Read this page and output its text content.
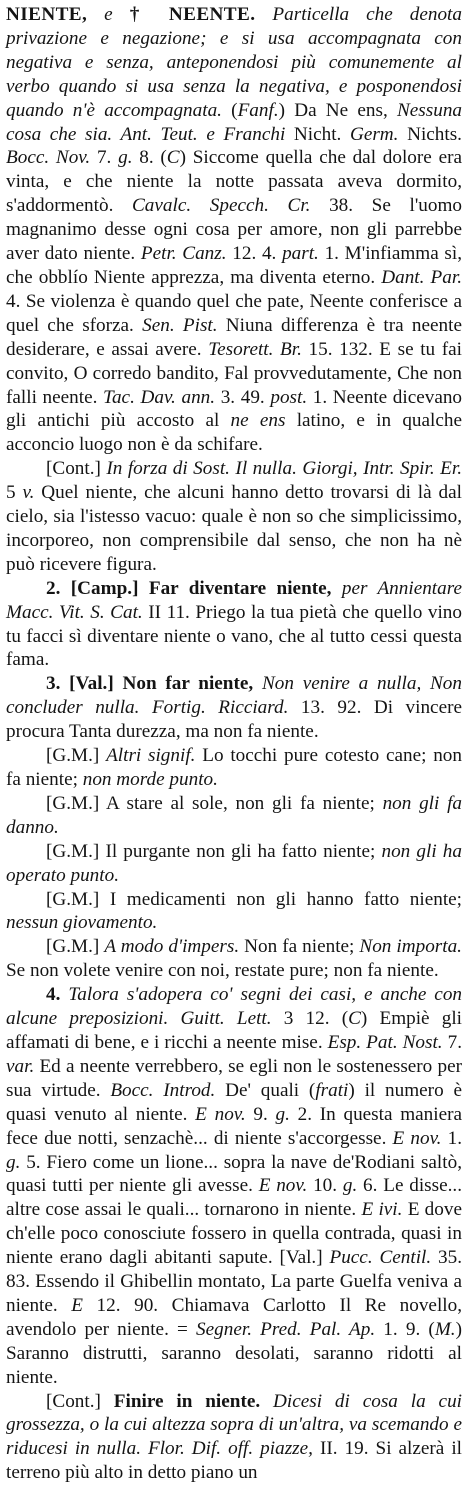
NIENTE, e † NEENTE. Particella che denota privazione e negazione; e si usa accompagnata con negativa e senza, anteponendosi più comunemente al verbo quando si usa senza la negativa, e posponendosi quando n'è accompagnata. (Fanf.) Da Ne ens, Nessuna cosa che sia. Ant. Teut. e Franchi Nicht. Germ. Nichts. Bocc. Nov. 7. g. 8. (C) Siccome quella che dal dolore era vinta, e che niente la notte passata aveva dormito, s'addormentò. Cavalc. Specch. Cr. 38. Se l'uomo magnanimo desse ogni cosa per amore, non gli parrebbe aver dato niente. Petr. Canz. 12. 4. part. 1. M'infiamma sì, che obblío Niente apprezza, ma diventa eterno. Dant. Par. 4. Se violenza è quando quel che pate, Neente conferisce a quel che sforza. Sen. Pist. Niuna differenza è tra neente desiderare, e assai avere. Tesorett. Br. 15. 132. E se tu fai convito, O corredo bandito, Fal provvedutamente, Che non falli neente. Tac. Dav. ann. 3. 49. post. 1. Neente dicevano gli antichi più accosto al ne ens latino, e in qualche acconcio luogo non è da schifare.

[Cont.] In forza di Sost. Il nulla. Giorgi, Intr. Spir. Er. 5 v. Quel niente, che alcuni hanno detto trovarsi di là dal cielo, sia l'istesso vacuo: quale è non so che simplicissimo, incorporeo, non comprensibile dal senso, che non ha nè può ricevere figura.

2. [Camp.] Far diventare niente, per Annientare Macc. Vit. S. Cat. II 11. Priego la tua pietà che quello vino tu facci sì diventare niente o vano, che al tutto cessi questa fama.

3. [Val.] Non far niente, Non venire a nulla, Non concluder nulla. Fortig. Ricciard. 13. 92. Di vincere procura Tanta durezza, ma non fa niente.

[G.M.] Altri signif. Lo tocchi pure cotesto cane; non fa niente; non morde punto.

[G.M.] A stare al sole, non gli fa niente; non gli fa danno.

[G.M.] Il purgante non gli ha fatto niente; non gli ha operato punto.

[G.M.] I medicamenti non gli hanno fatto niente; nessun giovamento.

[G.M.] A modo d'impers. Non fa niente; Non importa. Se non volete venire con noi, restate pure; non fa niente.

4. Talora s'adopera co' segni dei casi, e anche con alcune preposizioni. Guitt. Lett. 3 12. (C) Empiè gli affamati di bene, e i ricchi a neente mise. Esp. Pat. Nost. 7. var. Ed a neente verrebbero, se egli non le sostenessero per sua virtude. Bocc. Introd. De' quali (frati) il numero è quasi venuto al niente. E nov. 9. g. 2. In questa maniera fece due notti, senzachè... di niente s'accorgesse. E nov. 1. g. 5. Fiero come un lione... sopra la nave de'Rodiani saltò, quasi tutti per niente gli avesse. E nov. 10. g. 6. Le disse... altre cose assai le quali... tornarono in niente. E ivi. E dove ch'elle poco conosciute fossero in quella contrada, quasi in niente erano dagli abitanti sapute. [Val.] Pucc. Centil. 35. 83. Essendo il Ghibellin montato, La parte Guelfa veniva a niente. E 12. 90. Chiamava Carlotto Il Re novello, avendolo per niente. = Segner. Pred. Pal. Ap. 1. 9. (M.) Saranno distrutti, saranno desolati, saranno ridotti al niente.

[Cont.] Finire in niente. Dicesi di cosa la cui grossezza, o la cui altezza sopra di un'altra, va scemando e riducesi in nulla. Flor. Dif. off. piazze, II. 19. Si alzerà il terreno più alto in detto piano un
